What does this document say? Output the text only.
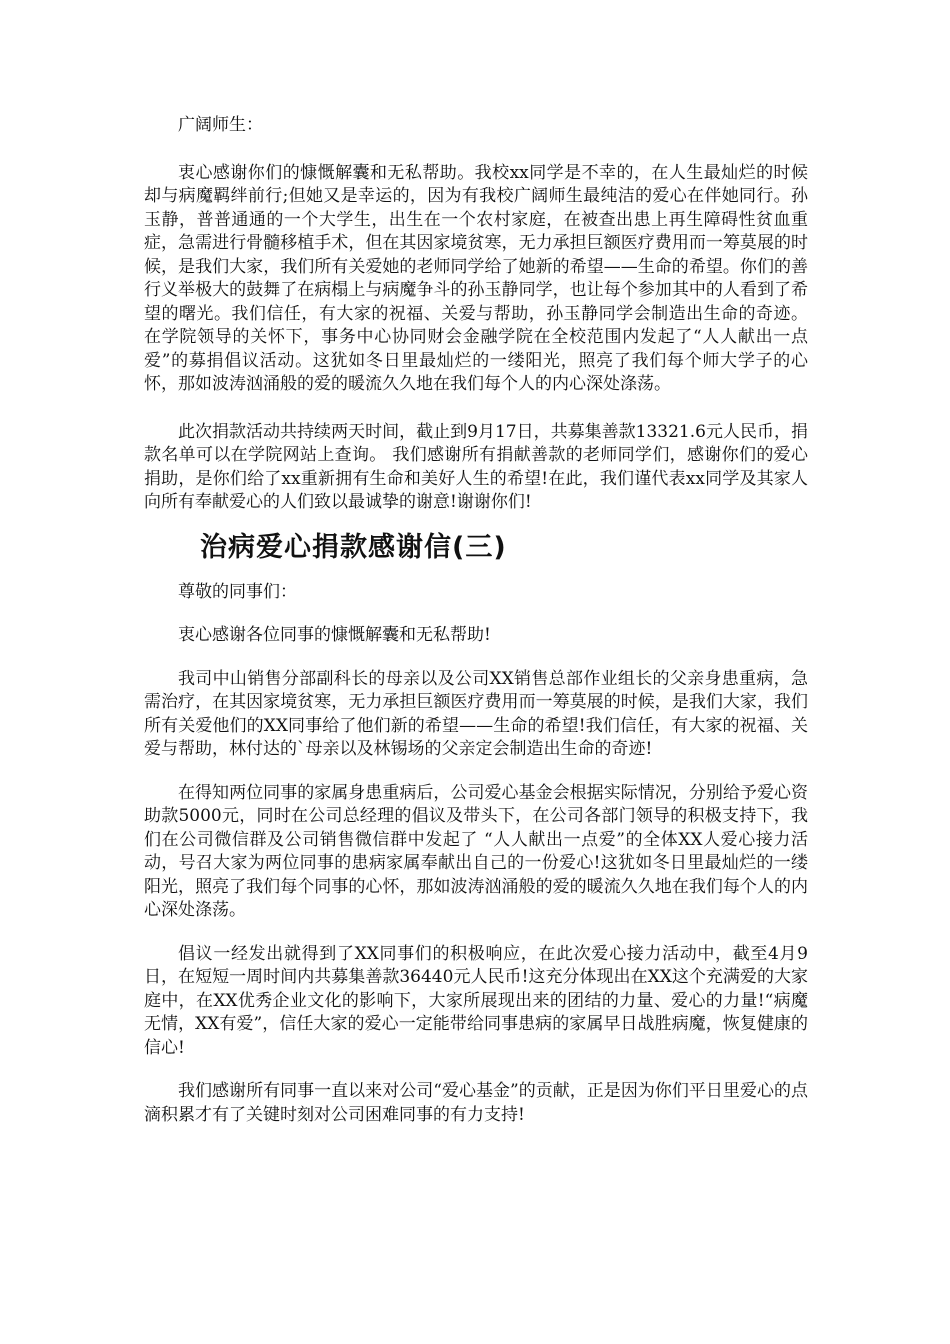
广阔师生：

衷心感谢你们的慷慨解囊和无私帮助。我校xx同学是不幸的，在人生最灿烂的时候却与病魔羁绊前行;但她又是幸运的，因为有我校广阔师生最纯洁的爱心在伴她同行。孙玉静，普普通通的一个大学生，出生在一个农村家庭，在被查出患上再生障碍性贫血重症，急需进行骨髓移植手术，但在其因家境贫寒，无力承担巨额医疗费用而一筹莫展的时候，是我们大家，我们所有关爱她的老师同学给了她新的希望——生命的希望。你们的善行义举极大的鼓舞了在病榻上与病魔争斗的孙玉静同学，也让每个参加其中的人看到了希望的曙光。我们信任，有大家的祝福、关爱与帮助，孙玉静同学会制造出生命的奇迹。 在学院领导的关怀下，事务中心协同财会金融学院在全校范围内发起了“人人献出一点爱”的募捐倡议活动。这犹如冬日里最灿烂的一缕阳光，照亮了我们每个师大学子的心怀，那如波涛汹涌般的爱的暖流久久地在我们每个人的内心深处涤荡。

此次捐款活动共持续两天时间，截止到9月17日，共募集善款13321.6元人民币，捐款名单可以在学院网站上查询。 我们感谢所有捐献善款的老师同学们，感谢你们的爱心捐助，是你们给了xx重新拥有生命和美好人生的希望!在此，我们谨代表xx同学及其家人向所有奉献爱心的人们致以最诚挚的谢意!谢谢你们!

治病爱心捐款感谢信(三)

尊敬的同事们：

衷心感谢各位同事的慷慨解囊和无私帮助!

我司中山销售分部副科长的母亲以及公司XX销售总部作业组长的父亲身患重病，急需治疗，在其因家境贫寒，无力承担巨额医疗费用而一筹莫展的时候，是我们大家，我们所有关爱他们的XX同事给了他们新的希望——生命的希望!我们信任，有大家的祝福、关爱与帮助，林付达的`母亲以及林锡场的父亲定会制造出生命的奇迹!

在得知两位同事的家属身患重病后，公司爱心基金会根据实际情况，分别给予爱心资助款5000元，同时在公司总经理的倡议及带头下，在公司各部门领导的积极支持下，我们在公司微信群及公司销售微信群中发起了 “人人献出一点爱”的全体XX人爱心接力活动，号召大家为两位同事的患病家属奉献出自己的一份爱心!这犹如冬日里最灿烂的一缕阳光，照亮了我们每个同事的心怀，那如波涛汹涌般的爱的暖流久久地在我们每个人的内心深处涤荡。

倡议一经发出就得到了XX同事们的积极响应，在此次爱心接力活动中，截至4月9日，在短短一周时间内共募集善款36440元人民币!这充分体现出在XX这个充满爱的大家庭中，在XX优秀企业文化的影响下，大家所展现出来的团结的力量、爱心的力量!“病魔无情，XX有爱”，信任大家的爱心一定能带给同事患病的家属早日战胜病魔，恢复健康的信心!

我们感谢所有同事一直以来对公司“爱心基金”的贡献，正是因为你们平日里爱心的点滴积累才有了关键时刻对公司困难同事的有力支持!
